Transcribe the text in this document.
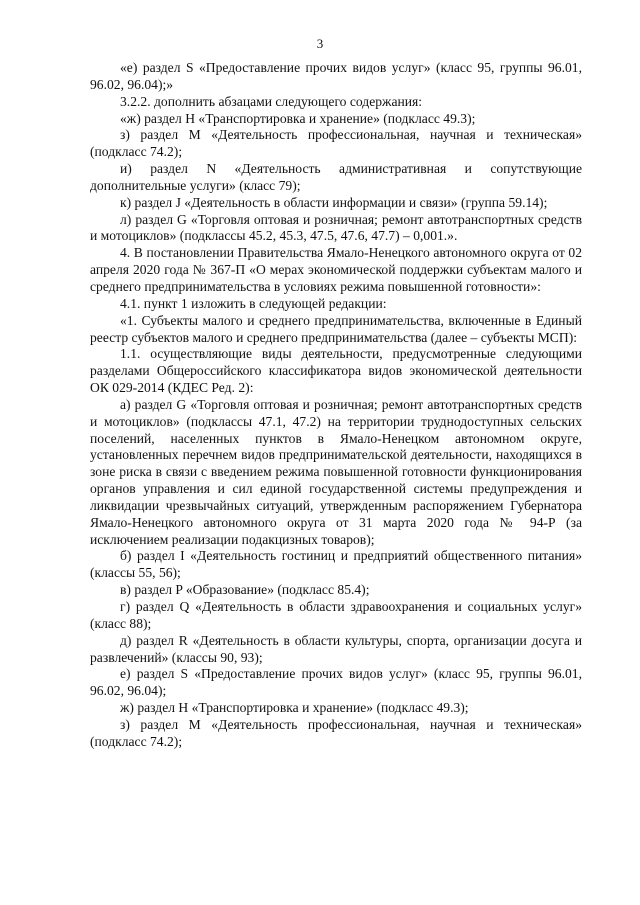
3

«е) раздел S «Предоставление прочих видов услуг» (класс 95, группы 96.01, 96.02, 96.04);»

3.2.2. дополнить абзацами следующего содержания:

«ж) раздел H «Транспортировка и хранение» (подкласс 49.3);

з) раздел M «Деятельность профессиональная, научная и техническая» (подкласс 74.2);

и) раздел N «Деятельность административная и сопутствующие дополнительные услуги» (класс 79);

к) раздел J «Деятельность в области информации и связи» (группа 59.14);

л) раздел G «Торговля оптовая и розничная; ремонт автотранспортных средств и мотоциклов» (подклассы 45.2, 45.3, 47.5, 47.6, 47.7) – 0,001.».

4. В постановлении Правительства Ямало-Ненецкого автономного округа от 02 апреля 2020 года № 367-П «О мерах экономической поддержки субъектам малого и среднего предпринимательства в условиях режима повышенной готовности»:

4.1. пункт 1 изложить в следующей редакции:

«1. Субъекты малого и среднего предпринимательства, включенные в Единый реестр субъектов малого и среднего предпринимательства (далее – субъекты МСП):

1.1. осуществляющие виды деятельности, предусмотренные следующими разделами Общероссийского классификатора видов экономической деятельности ОК 029-2014 (КДЕС Ред. 2):

а) раздел G «Торговля оптовая и розничная; ремонт автотранспортных средств и мотоциклов» (подклассы 47.1, 47.2) на территории труднодоступных сельских поселений, населенных пунктов в Ямало-Ненецком автономном округе, установленных перечнем видов предпринимательской деятельности, находящихся в зоне риска в связи с введением режима повышенной готовности функционирования органов управления и сил единой государственной системы предупреждения и ликвидации чрезвычайных ситуаций, утвержденным распоряжением Губернатора Ямало-Ненецкого автономного округа от 31 марта 2020 года № 94-Р (за исключением реализации подакцизных товаров);

б) раздел I «Деятельность гостиниц и предприятий общественного питания» (классы 55, 56);

в) раздел P «Образование» (подкласс 85.4);

г) раздел Q «Деятельность в области здравоохранения и социальных услуг» (класс 88);

д) раздел R «Деятельность в области культуры, спорта, организации досуга и развлечений» (классы 90, 93);

е) раздел S «Предоставление прочих видов услуг» (класс 95, группы 96.01, 96.02, 96.04);

ж) раздел H «Транспортировка и хранение» (подкласс 49.3);

з) раздел M «Деятельность профессиональная, научная и техническая» (подкласс 74.2);
